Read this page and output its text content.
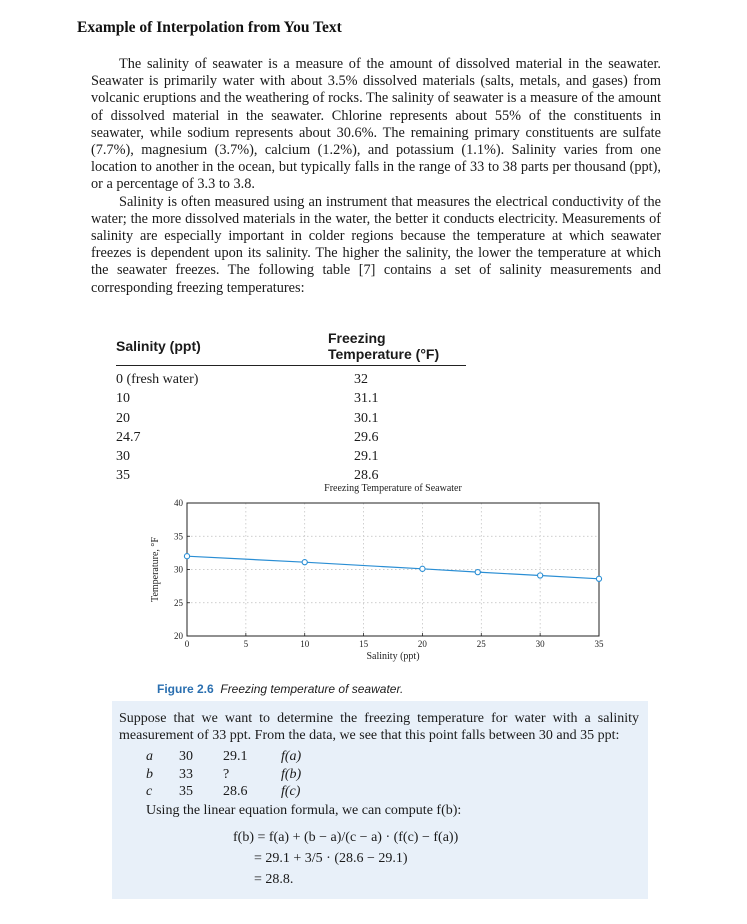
Example of Interpolation from You Text

The salinity of seawater is a measure of the amount of dissolved material in the seawater. Seawater is primarily water with about 3.5% dissolved materials (salts, metals, and gases) from volcanic eruptions and the weathering of rocks. The salinity of seawater is a measure of the amount of dissolved material in the seawater. Chlorine represents about 55% of the constituents in seawater, while sodium represents about 30.6%. The remaining primary constituents are sulfate (7.7%), magnesium (3.7%), calcium (1.2%), and potassium (1.1%). Salinity varies from one location to another in the ocean, but typically falls in the range of 33 to 38 parts per thousand (ppt), or a percentage of 3.3 to 3.8.

Salinity is often measured using an instrument that measures the electrical conductivity of the water; the more dissolved materials in the water, the better it conducts electricity. Measurements of salinity are especially important in colder regions because the temperature at which seawater freezes is dependent upon its salinity. The higher the salinity, the lower the temperature at which the seawater freezes. The following table [7] contains a set of salinity measurements and corresponding freezing temperatures:

Salinity (ppt)	Freezing Temperature (°F)
0 (fresh water)	32
10	31.1
20	30.1
24.7	29.6
30	29.1
35	28.6
0	5	10	15	20	25	30	35
20
25
30
35
40
Freezing Temperature of Seawater
Salinity (ppt)
Temperature, °F
Figure 2.6 Freezing temperature of seawater.
Suppose that we want to determine the freezing temperature for water with a salinity measurement of 33 ppt. From the data, we see that this point falls between 30 and 35 ppt:
a	30	29.1	f(a)
b	33	?	f(b)
c	35	28.6	f(c)
Using the linear equation formula, we can compute f(b):
f(b) = f(a) + (b − a)/(c − a) · (f(c) − f(a))
= 29.1 + 3/5 · (28.6 − 29.1)
= 28.8.
